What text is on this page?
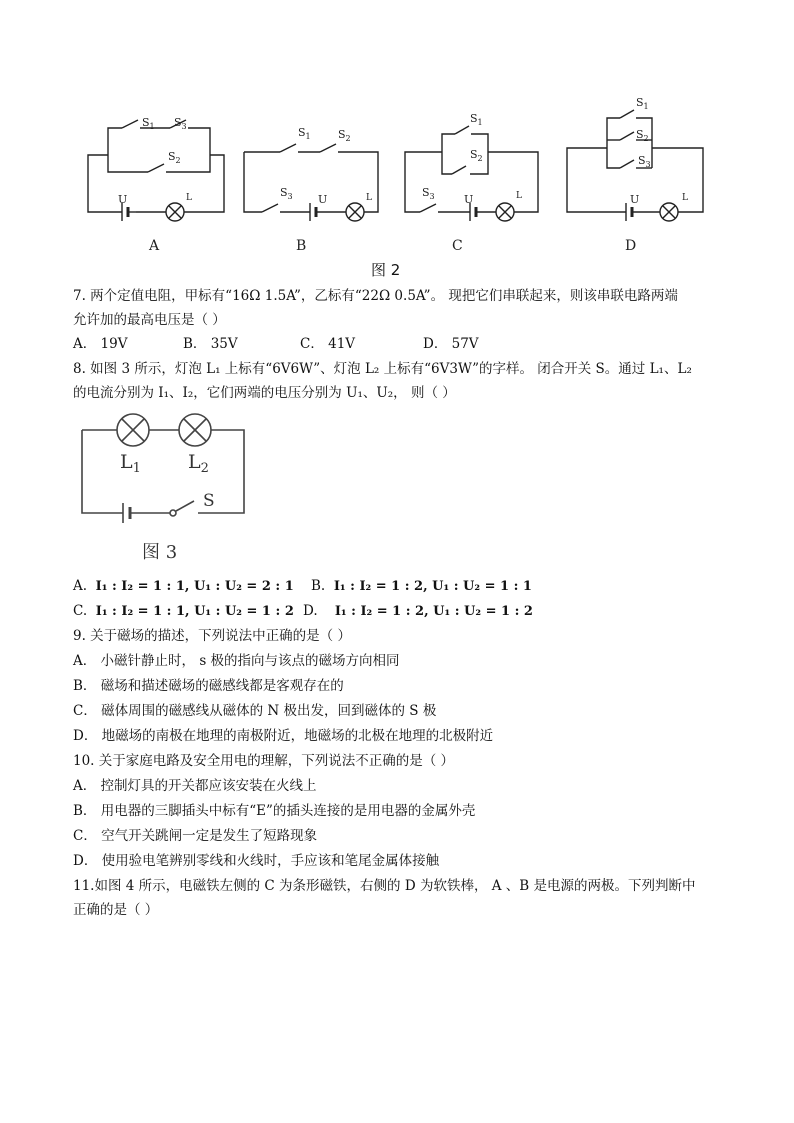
$S_1$ $S_3$
$S_2$
U	L
$S_1$ $S_2$
$S_3$ U	L
$S_1$
$S_2$
$S_3$	U	L
$S_1$
$S_2$
$S_3$
U	L
A	B	C	D
图 2
7. 两个定值电阻，甲标有“16Ω 1.5A”，乙标有“22Ω 0.5A”。 现把它们串联起来，则该串联电路两端
允许加的最高电压是（ ）
A． 19V	B． 35V	C． 41V	D． 57V
8. 如图 3 所示，灯泡 L₁ 上标有“6V6W”、灯泡 L₂ 上标有“6V3W”的字样。 闭合开关 S。通过 L₁、L₂
的电流分别为 I₁、I₂，它们两端的电压分别为 U₁、U₂， 则（ ）
$L_1$ $L_2$
S
图 3
A. I₁ : I₂ = 1 : 1, U₁ : U₂ = 2 : 1 B. I₁ : I₂ = 1 : 2, U₁ : U₂ = 1 : 1
C. I₁ : I₂ = 1 : 1, U₁ : U₂ = 1 : 2 D. I₁ : I₂ = 1 : 2, U₁ : U₂ = 1 : 2
9. 关于磁场的描述，下列说法中正确的是（ ）
A． 小磁针静止时， s 极的指向与该点的磁场方向相同
B． 磁场和描述磁场的磁感线都是客观存在的
C． 磁体周围的磁感线从磁体的 N 极出发，回到磁体的 S 极
D． 地磁场的南极在地理的南极附近，地磁场的北极在地理的北极附近
10. 关于家庭电路及安全用电的理解，下列说法不正确的是（ ）
A． 控制灯具的开关都应该安装在火线上
B． 用电器的三脚插头中标有“E”的插头连接的是用电器的金属外壳
C． 空气开关跳闸一定是发生了短路现象
D． 使用验电笔辨别零线和火线时，手应该和笔尾金属体接触
11.如图 4 所示，电磁铁左侧的 C 为条形磁铁，右侧的 D 为软铁棒， A 、B 是电源的两极。下列判断中
正确的是（ ）
